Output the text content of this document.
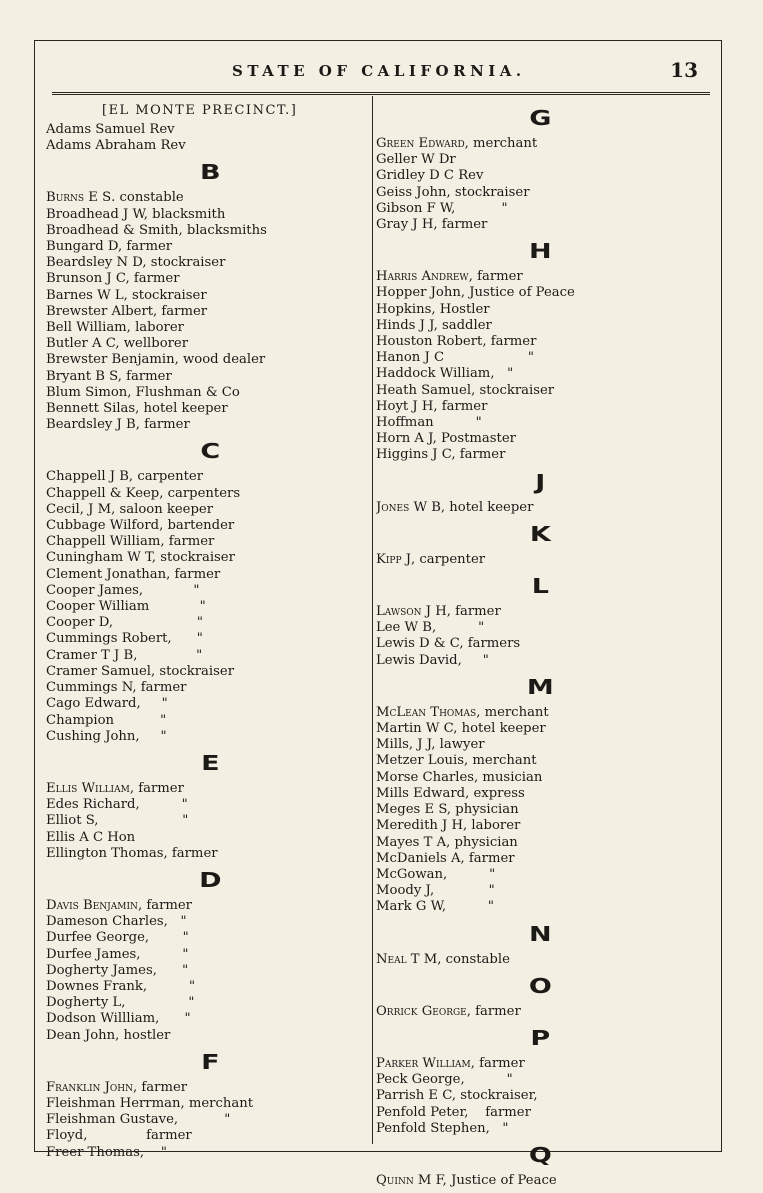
STATE OF CALIFORNIA.	13
[EL MONTE PRECINCT.]
Adams Samuel Rev
Adams Abraham Rev
B
Burns E S. constable
Broadhead J W, blacksmith
Broadhead & Smith, blacksmiths
Bungard D, farmer
Beardsley N D, stockraiser
Brunson J C, farmer
Barnes W L, stockraiser
Brewster Albert, farmer
Bell William, laborer
Butler A C, wellborer
Brewster Benjamin, wood dealer
Bryant B S, farmer
Blum Simon, Flushman & Co
Bennett Silas, hotel keeper
Beardsley J B, farmer
C
Chappell J B, carpenter
Chappell & Keep, carpenters
Cecil, J M, saloon keeper
Cubbage Wilford, bartender
Chappell William, farmer
Cuningham W T, stockraiser
Clement Jonathan, farmer
Cooper James,            "
Cooper William            "
Cooper D,                    "
Cummings Robert,      "
Cramer T J B,              "
Cramer Samuel, stockraiser
Cummings N, farmer
Cago Edward,     "
Champion           "
Cushing John,     "
E
Ellis William, farmer
Edes Richard,          "
Elliot S,                    "
Ellis A C Hon
Ellington Thomas, farmer
D
Davis Benjamin, farmer
Dameson Charles,   "
Durfee George,        "
Durfee James,          "
Dogherty James,      "
Downes Frank,          "
Dogherty L,               "
Dodson Willliam,      "
Dean John, hostler
F
Franklin John, farmer
Fleishman Herrman, merchant
Fleishman Gustave,           "
Floyd,              farmer
Freer Thomas,    "
G
Green Edward, merchant
Geller W Dr
Gridley D C Rev
Geiss John, stockraiser
Gibson F W,           "
Gray J H, farmer
H
Harris Andrew, farmer
Hopper John, Justice of Peace
Hopkins, Hostler
Hinds J J, saddler
Houston Robert, farmer
Hanon J C                    "
Haddock William,   "
Heath Samuel, stockraiser
Hoyt J H, farmer
Hoffman          "
Horn A J, Postmaster
Higgins J C, farmer
J
Jones W B, hotel keeper
K
Kipp J, carpenter
L
Lawson J H, farmer
Lee W B,          "
Lewis D & C, farmers
Lewis David,     "
M
McLean Thomas, merchant
Martin W C, hotel keeper
Mills, J J, lawyer
Metzer Louis, merchant
Morse Charles, musician
Mills Edward, express
Meges E S, physician
Meredith J H, laborer
Mayes T A, physician
McDaniels A, farmer
McGowan,          "
Moody J,             "
Mark G W,          "
N
Neal T M, constable
O
Orrick George, farmer
P
Parker William, farmer
Peck George,          "
Parrish E C, stockraiser,
Penfold Peter,    farmer
Penfold Stephen,   "
Q
Quinn M F, Justice of Peace
